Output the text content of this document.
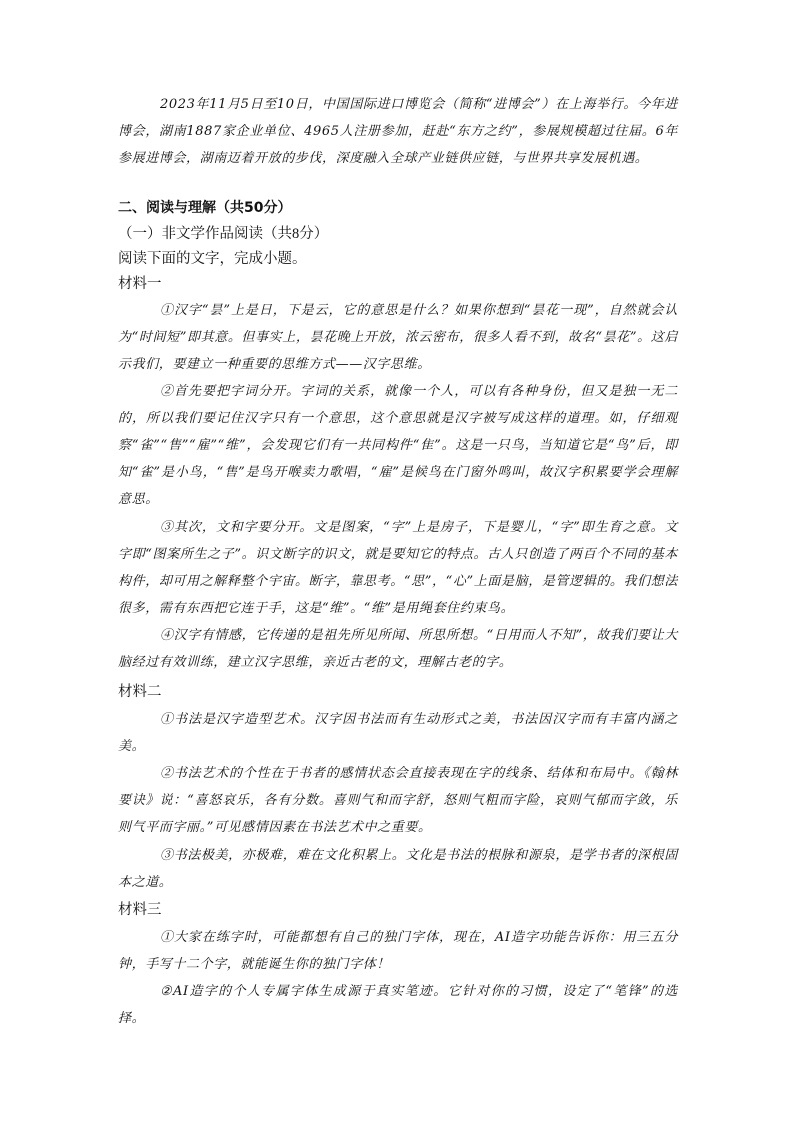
2023年11月5日至10日，中国国际进口博览会（简称“进博会”）在上海举行。今年进博会，湖南1887家企业单位、4965人注册参加，赶赴“东方之约”，参展规模超过往届。6年参展进博会，湖南迈着开放的步伐，深度融入全球产业链供应链，与世界共享发展机遇。

二、阅读与理解（共50分）

（一）非文学作品阅读（共8分）

阅读下面的文字，完成小题。

材料一

①汉字“昙”上是日，下是云，它的意思是什么？如果你想到“昙花一现”，自然就会认为“时间短”即其意。但事实上，昙花晚上开放，浓云密布，很多人看不到，故名“昙花”。这启示我们，要建立一种重要的思维方式——汉字思维。

②首先要把字词分开。字词的关系，就像一个人，可以有各种身份，但又是独一无二的，所以我们要记住汉字只有一个意思，这个意思就是汉字被写成这样的道理。如，仔细观察“雀”“售”“雇”“维”，会发现它们有一共同构件“隹”。这是一只鸟，当知道它是“鸟”后，即知“雀”是小鸟，“售”是鸟开喉卖力歌唱，“雇”是候鸟在门窗外鸣叫，故汉字积累要学会理解意思。

③其次，文和字要分开。文是图案，“字”上是房子，下是婴儿，“字”即生育之意。文字即“图案所生之子”。识文断字的识文，就是要知它的特点。古人只创造了两百个不同的基本构件，却可用之解释整个宇宙。断字，靠思考。“思”，“心”上面是脑，是管逻辑的。我们想法很多，需有东西把它连于手，这是“维”。“维”是用绳套住约束鸟。

④汉字有情感，它传递的是祖先所见所闻、所思所想。“日用而人不知”，故我们要让大脑经过有效训练，建立汉字思维，亲近古老的文，理解古老的字。

材料二

①书法是汉字造型艺术。汉字因书法而有生动形式之美，书法因汉字而有丰富内涵之美。

②书法艺术的个性在于书者的感情状态会直接表现在字的线条、结体和布局中。《翰林要诀》说：“喜怒哀乐，各有分数。喜则气和而字舒，怒则气粗而字险，哀则气郁而字敛，乐则气平而字丽。”可见感情因素在书法艺术中之重要。

③书法极美，亦极难，难在文化积累上。文化是书法的根脉和源泉，是学书者的深根固本之道。

材料三

①大家在练字时，可能都想有自己的独门字体，现在，AI造字功能告诉你：用三五分钟，手写十二个字，就能诞生你的独门字体！

②AI造字的个人专属字体生成源于真实笔迹。它针对你的习惯，设定了“笔锋”的选择。
